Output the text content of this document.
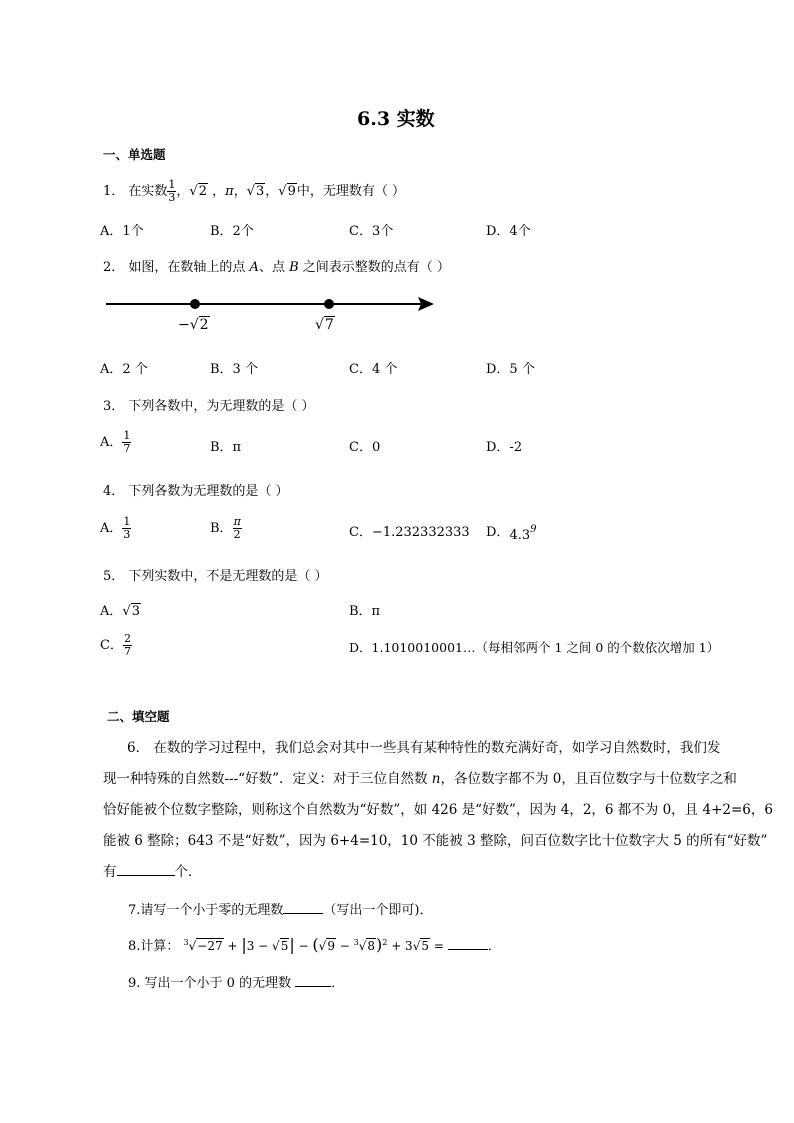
6.3 实数
一、单选题
1． 在实数 $\frac{1}{3}$ ，√2 ，π，√3，√9中，无理数有（ ）
A．1个	B．2个	C．3个	D．4个
2． 如图，在数轴上的点 A、点 B 之间表示整数的点有（ ）
−√2	√7
A．2 个	B．3 个	C．4 个	D．5 个
3． 下列各数中，为无理数的是（ ）
A． $\frac{1}{7}$	B．π	C．0	D．-2
4． 下列各数为无理数的是（ ）
A． $\frac{1}{3}$	B． $\frac{\pi}{2}$	C．−1.232332333 D．$4.3^9$
5． 下列实数中，不是无理数的是（ ）
A．√3	B．π
C． $\frac{2}{7}$	D．1.1010010001…（每相邻两个 1 之间 0 的个数依次增加 1）
二、填空题
6． 在数的学习过程中，我们总会对其中一些具有某种特性的数充满好奇，如学习自然数时，我们发
现一种特殊的自然数---“好数”．定义：对于三位自然数 n，各位数字都不为 0，且百位数字与十位数字之和
恰好能被个位数字整除，则称这个自然数为“好数”，如 426 是“好数”，因为 4，2，6 都不为 0，且 4+2=6，6
能被 6 整除；643 不是“好数”，因为 6+4=10，10 不能被 3 整除，问百位数字比十位数字大 5 的所有“好数”
有	个．
7.请写一个小于零的无理数	（写出一个即可)．
8.计算： $^3√-27 + |3 - √5| - (√9 - ^3√8)^2 + 3√5$ =	．
9. 写出一个小于 0 的无理数	．
